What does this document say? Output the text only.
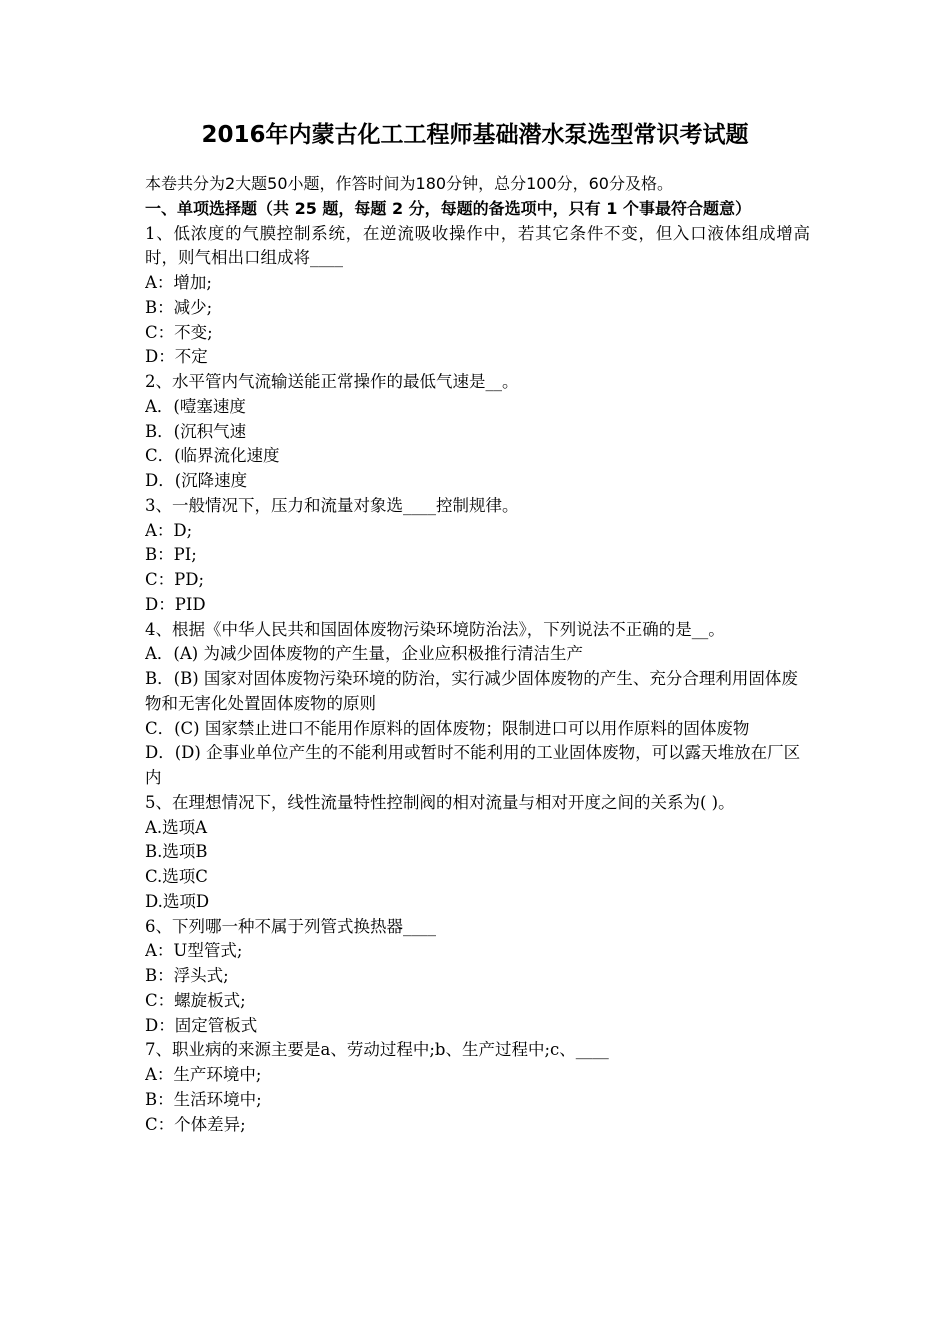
2016年内蒙古化工工程师基础潜水泵选型常识考试题
本卷共分为2大题50小题，作答时间为180分钟，总分100分，60分及格。
一、单项选择题（共 25 题，每题 2 分，每题的备选项中，只有 1 个事最符合题意）
1、低浓度的气膜控制系统，在逆流吸收操作中，若其它条件不变，但入口液体组成增高时，则气相出口组成将____
A：增加;
B：减少;
C：不变;
D：不定
2、水平管内气流输送能正常操作的最低气速是__。
A．(噎塞速度
B．(沉积气速
C．(临界流化速度
D．(沉降速度
3、一般情况下，压力和流量对象选____控制规律。
A：D;
B：PI;
C：PD;
D：PID
4、根据《中华人民共和国固体废物污染环境防治法》，下列说法不正确的是__。
A．(A) 为减少固体废物的产生量，企业应积极推行清洁生产
B．(B) 国家对固体废物污染环境的防治，实行减少固体废物的产生、充分合理利用固体废物和无害化处置固体废物的原则
C．(C) 国家禁止进口不能用作原料的固体废物；限制进口可以用作原料的固体废物
D．(D) 企事业单位产生的不能利用或暂时不能利用的工业固体废物，可以露天堆放在厂区内
5、在理想情况下，线性流量特性控制阀的相对流量与相对开度之间的关系为( )。
A.选项A
B.选项B
C.选项C
D.选项D
6、下列哪一种不属于列管式换热器____
A：U型管式;
B：浮头式;
C：螺旋板式;
D：固定管板式
7、职业病的来源主要是a、劳动过程中;b、生产过程中;c、____
A：生产环境中;
B：生活环境中;
C：个体差异;
